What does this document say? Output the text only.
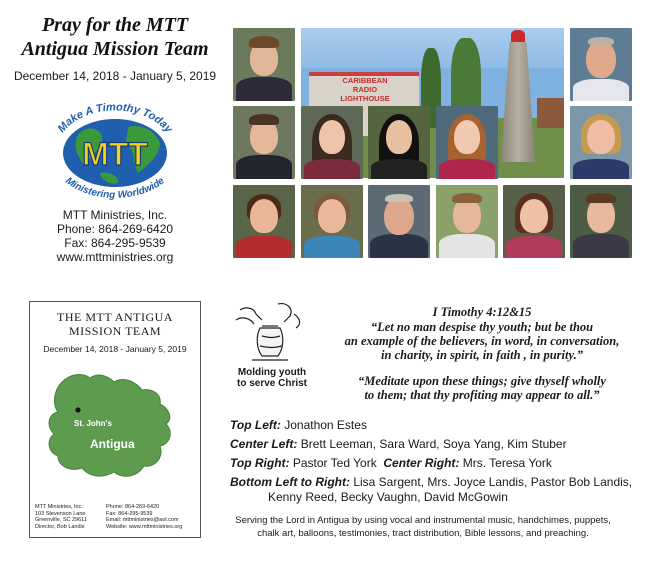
Pray for the MTT
Antigua Mission Team
December 14, 2018 - January 5, 2019
MTT
Make A Timothy Today
Ministering Worldwide
MTT Ministries, Inc.
Phone: 864-269-6420
Fax: 864-295-9539
www.mttministries.org
CARIBBEAN
RADIO
LIGHTHOUSE
THE MTT ANTIGUA
MISSION TEAM
December 14, 2018 - January 5, 2019
St. John's
Antigua
MTT Ministries, Inc.
103 Stevenson Lane
Greenville, SC 29611
Director, Bob Landis
Phone: 864-269-6420
Fax: 864-295-9539
Email: mttministries@aol.com
Website: www.mttministries.org
Molding youth
to serve Christ
I Timothy 4:12&15
“Let no man despise thy youth; but be thou
an example of the believers, in word, in conversation,
in charity, in spirit, in faith , in purity.”
“Meditate upon these things; give thyself wholly
to them; that thy profiting may appear to all.”
Top Left: Jonathon Estes
Center Left: Brett Leeman, Sara Ward, Soya Yang, Kim Stuber
Top Right: Pastor Ted York Center Right: Mrs. Teresa York
Bottom Left to Right: Lisa Sargent, Mrs. Joyce Landis, Pastor Bob Landis,
Kenny Reed, Becky Vaughn, David McGowin
Serving the Lord in Antigua by using vocal and instrumental music, handchimes, puppets,
chalk art, balloons, testimonies, tract distribution, Bible lessons, and preaching.
